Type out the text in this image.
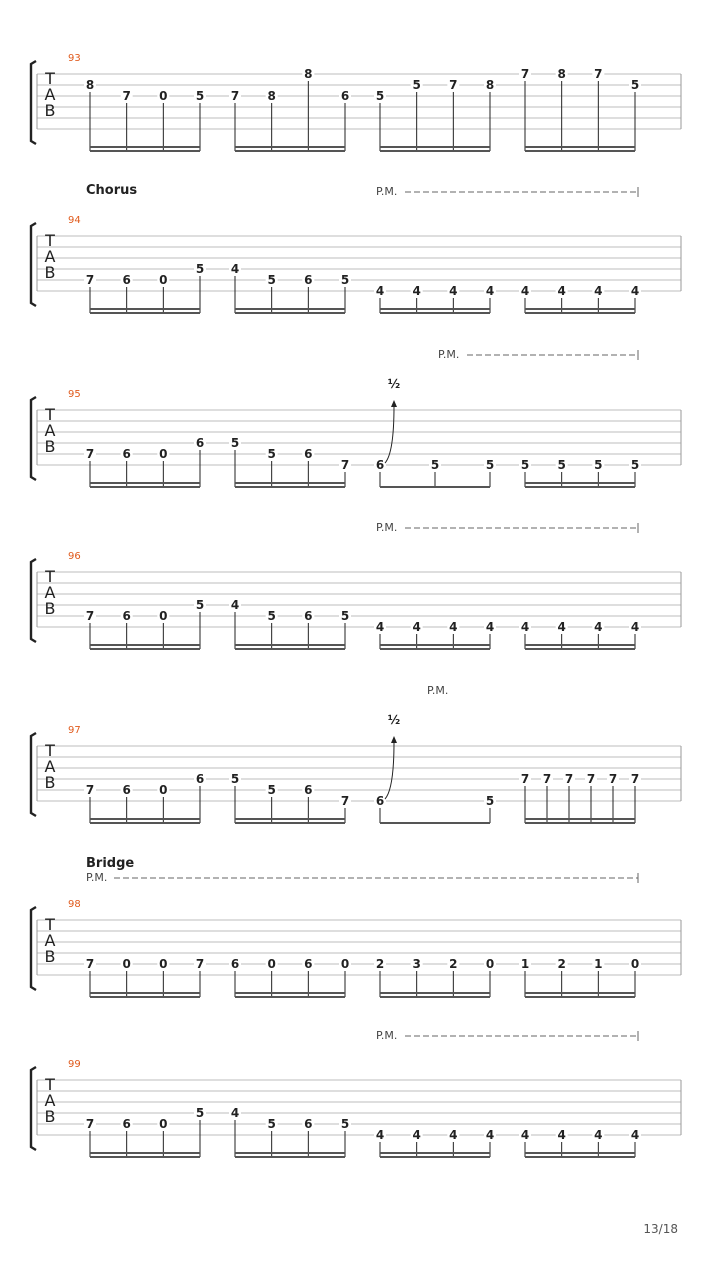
T
A
B
93
8
7 0 5 7 8
8
6 5
5 7 8
7 8 7
5
T
A
B
94
Chorus	P.M.
7 6 0
5 4
5 6 5
4 4 4 4 4 4 4 4
T
A
B
95
P.M.
7 6 0
6 5
5 6
7 6	5	5 5 5 5 5
½
T
A
B
96
P.M.
7 6 0
5 4
5 6 5
4 4 4 4 4 4 4 4
T
A
B
97
P.M.
7 6 0
6 5
5 6
7 6	5
7 7 7 7 7 7
½
T
A
B
98
Bridge
P.M.
7 0 0 7 6 0 6 0 2 3 2 0 1 2 1 0
T
A
B
99
P.M.
7 6 0
5 4
5 6 5
4 4 4 4 4 4 4 4
13/18
